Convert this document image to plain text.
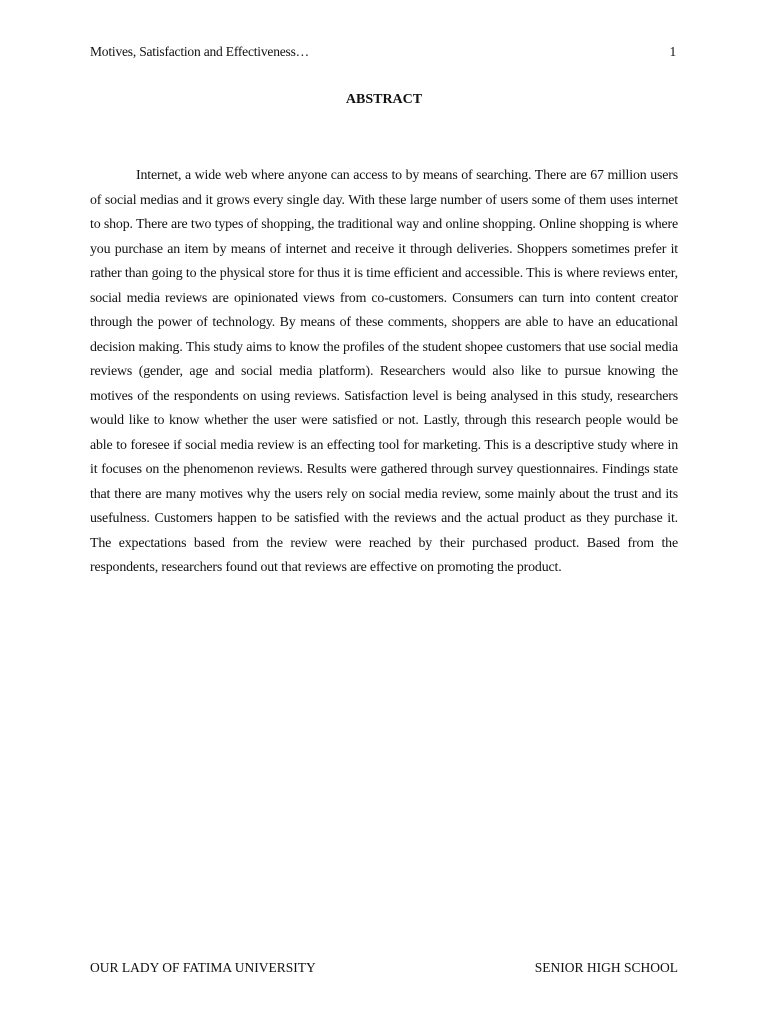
Motives, Satisfaction and Effectiveness…	1
ABSTRACT

Internet, a wide web where anyone can access to by means of searching. There are 67 million users of social medias and it grows every single day. With these large number of users some of them uses internet to shop. There are two types of shopping, the traditional way and online shopping. Online shopping is where you purchase an item by means of internet and receive it through deliveries. Shoppers sometimes prefer it rather than going to the physical store for thus it is time efficient and accessible. This is where reviews enter, social media reviews are opinionated views from co-customers. Consumers can turn into content creator through the power of technology. By means of these comments, shoppers are able to have an educational decision making. This study aims to know the profiles of the student shopee customers that use social media reviews (gender, age and social media platform). Researchers would also like to pursue knowing the motives of the respondents on using reviews. Satisfaction level is being analysed in this study, researchers would like to know whether the user were satisfied or not. Lastly, through this research people would be able to foresee if social media review is an effecting tool for marketing. This is a descriptive study where in it focuses on the phenomenon reviews. Results were gathered through survey questionnaires. Findings state that there are many motives why the users rely on social media review, some mainly about the trust and its usefulness. Customers happen to be satisfied with the reviews and the actual product as they purchase it. The expectations based from the review were reached by their purchased product. Based from the respondents, researchers found out that reviews are effective on promoting the product.

OUR LADY OF FATIMA UNIVERSITY	SENIOR HIGH SCHOOL
